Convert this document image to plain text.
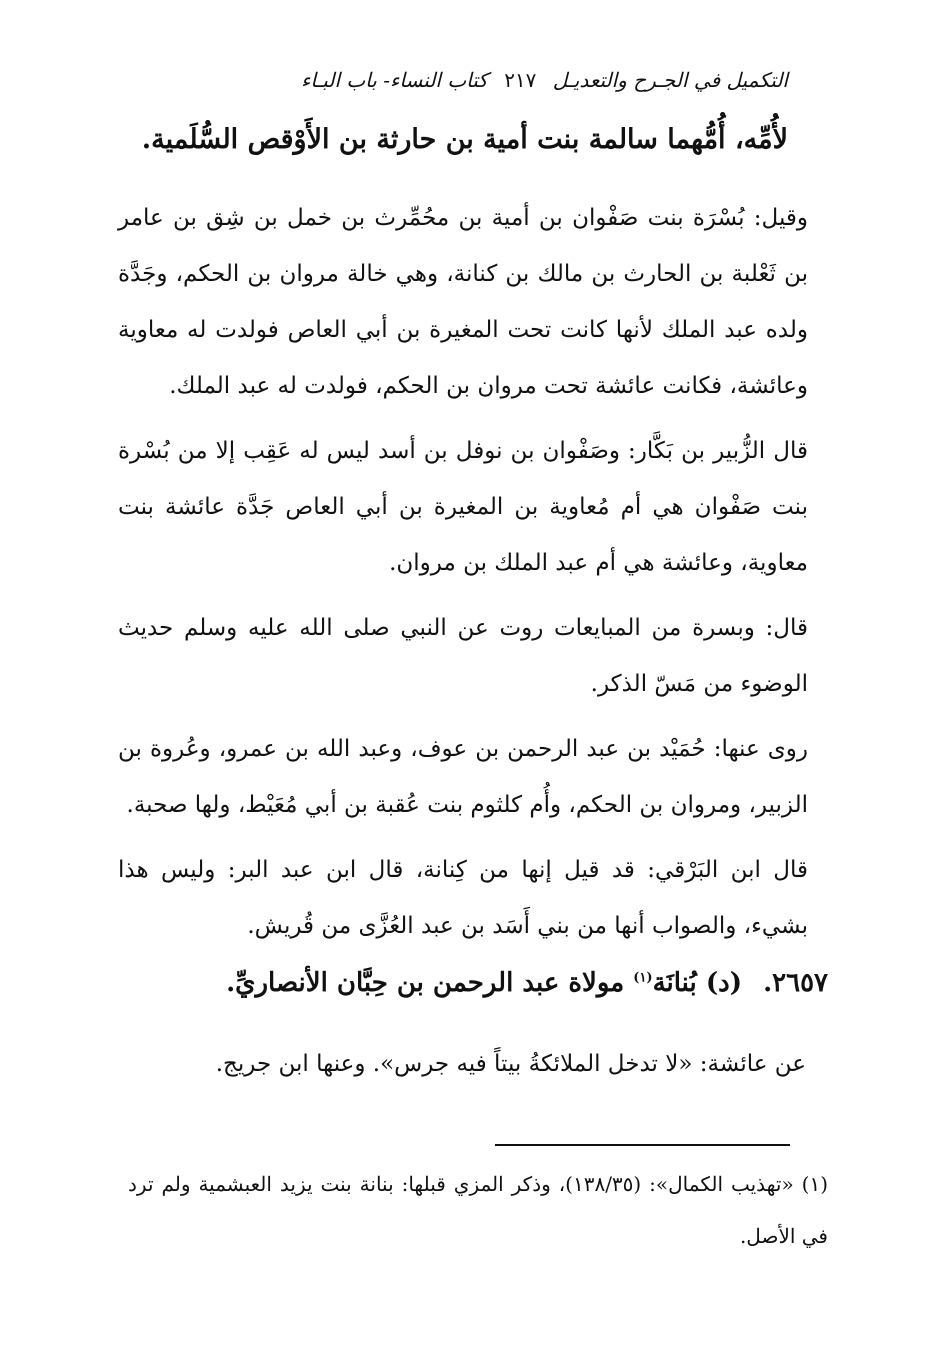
التكميل في الجـرح والتعديـل ٢١٧ كتاب النساء- باب البـاء
لأُمِّه، أُمُّهما سالمة بنت أمية بن حارثة بن الأَوْقص السُّلَمية.
وقيل: بُسْرَة بنت صَفْوان بن أمية بن محُمِّرث بن خمل بن شِق بن عامر بن ثَعْلبة بن الحارث بن مالك بن كنانة، وهي خالة مروان بن الحكم، وجَدَّة ولده عبد الملك لأنها كانت تحت المغيرة بن أبي العاص فولدت له معاوية وعائشة، فكانت عائشة تحت مروان بن الحكم، فولدت له عبد الملك.
قال الزُّبير بن بَكَّار: وصَفْوان بن نوفل بن أسد ليس له عَقِب إلا من بُسْرة بنت صَفْوان هي أم مُعاوية بن المغيرة بن أبي العاص جَدَّة عائشة بنت معاوية، وعائشة هي أم عبد الملك بن مروان.
قال: وبسرة من المبايعات روت عن النبي صلى الله عليه وسلم حديث الوضوء من مَسّ الذكر.
روى عنها: حُمَيْد بن عبد الرحمن بن عوف، وعبد الله بن عمرو، وعُروة بن الزبير، ومروان بن الحكم، وأُم كلثوم بنت عُقبة بن أبي مُعَيْط، ولها صحبة.
قال ابن البَرْقي: قد قيل إنها من كِنانة، قال ابن عبد البر: وليس هذا بشيء، والصواب أنها من بني أَسَد بن عبد العُزَّى من قُريش.
٢٦٥٧. (د) بُنانَة$^{(١)}$ مولاة عبد الرحمن بن حِبَّان الأنصاريِّ.
عن عائشة: «لا تدخل الملائكةُ بيتاً فيه جرس». وعنها ابن جريج.
(١) «تهذيب الكمال»: (١٣٨/٣٥)، وذكر المزي قبلها: بنانة بنت يزيد العبشمية ولم ترد في الأصل.
